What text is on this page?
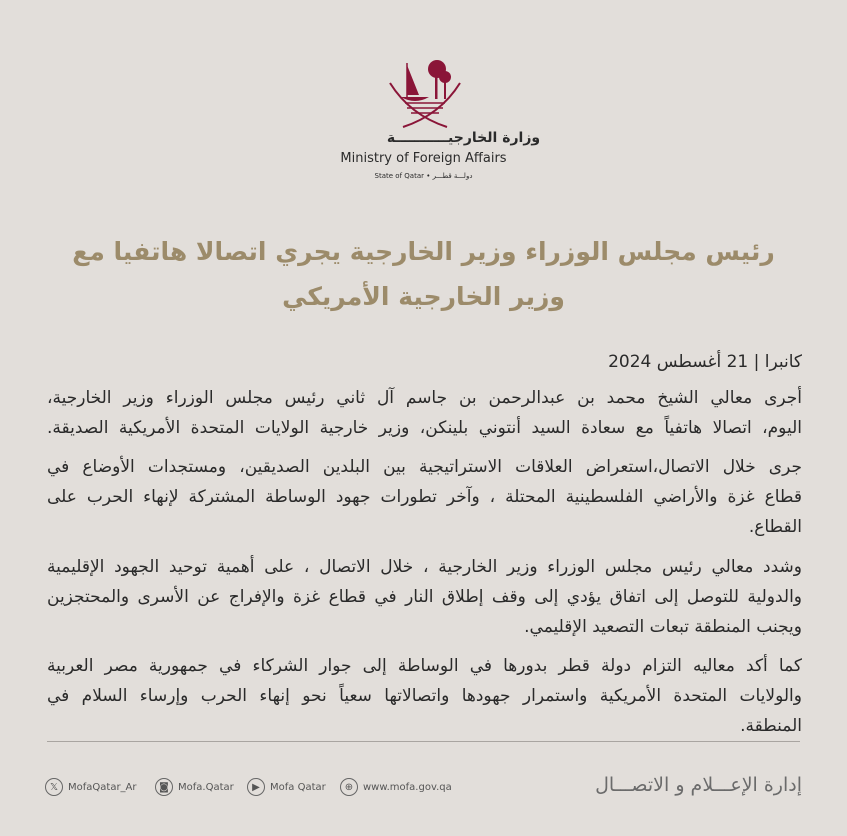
وزارة الخارجيـــــــــــة
Ministry of Foreign Affairs
State of Qatar • دولـــة قطـــر
رئيس مجلس الوزراء وزير الخارجية يجري اتصالا هاتفيا مع
وزير الخارجية الأمريكي
كانبرا | 21 أغسطس 2024
أجرى معالي الشيخ محمد بن عبدالرحمن بن جاسم آل ثاني رئيس مجلس الوزراء وزير الخارجية،
اليوم، اتصالا هاتفياً مع سعادة السيد أنتوني بلينكن، وزير خارجية الولايات المتحدة الأمريكية الصديقة.
جرى خلال الاتصال،استعراض العلاقات الاستراتيجية بين البلدين الصديقين، ومستجدات الأوضاع في
قطاع غزة والأراضي الفلسطينية المحتلة ، وآخر تطورات جهود الوساطة المشتركة لإنهاء الحرب على
القطاع.
وشدد معالي رئيس مجلس الوزراء وزير الخارجية ، خلال الاتصال ، على أهمية توحيد الجهود الإقليمية
والدولية للتوصل إلى اتفاق يؤدي إلى وقف إطلاق النار في قطاع غزة والإفراج عن الأسرى والمحتجزين
ويجنب المنطقة تبعات التصعيد الإقليمي.
كما أكد معاليه التزام دولة قطر بدورها في الوساطة إلى جوار الشركاء في جمهورية مصر العربية
والولايات المتحدة الأمريكية واستمرار جهودها واتصالاتها سعياً نحو إنهاء الحرب وإرساء السلام في
المنطقة.
𝕏 MofaQatar_Ar	◙ Mofa.Qatar	▶	Mofa Qatar	⊕ www.mofa.gov.qa	إدارة الإعـــلام و الاتصـــال
